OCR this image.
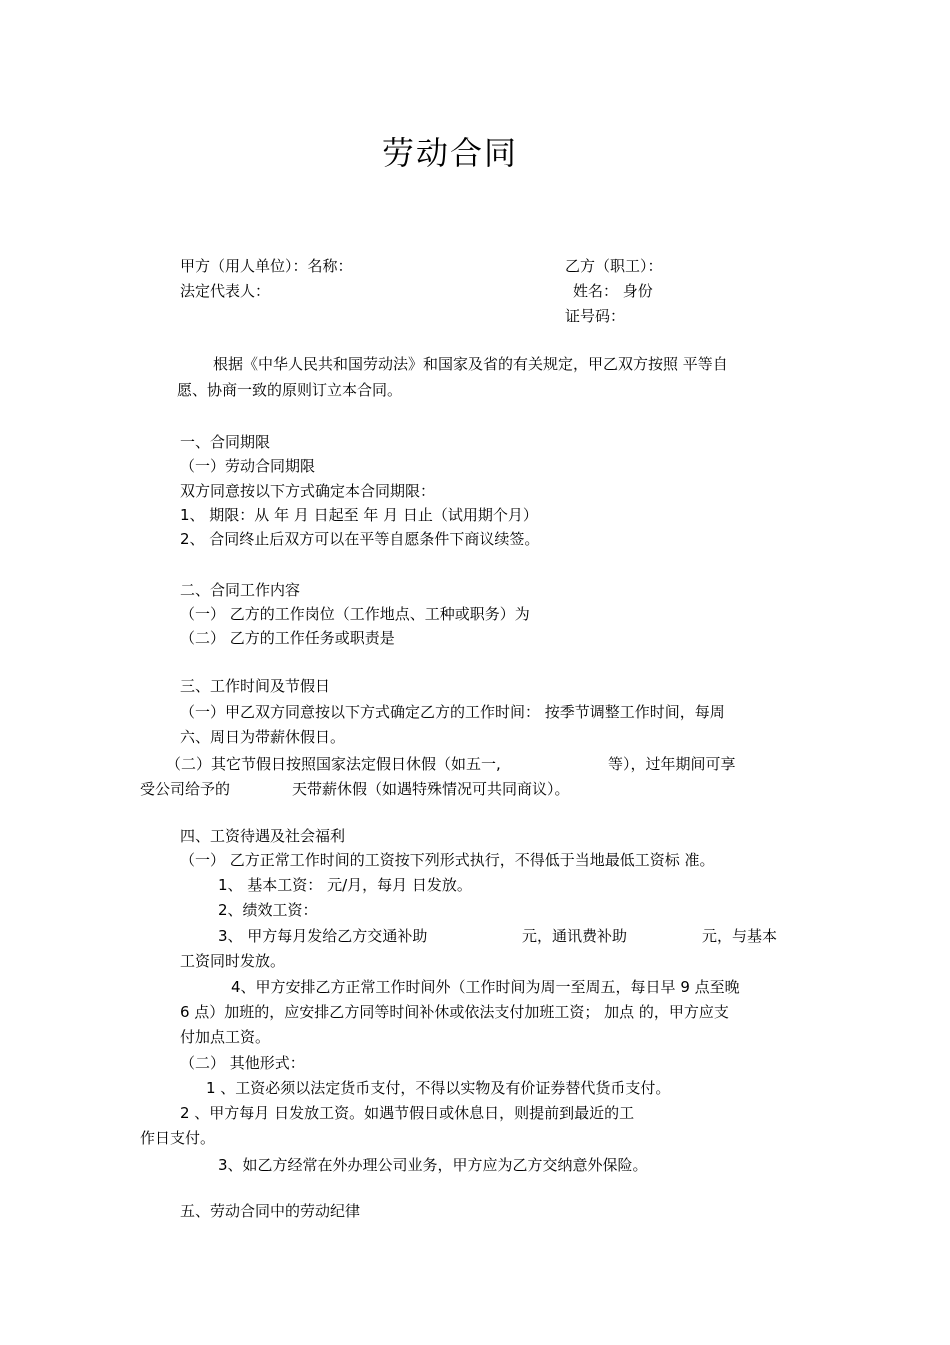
劳动合同
甲方（用人单位）：名称：	乙方（职工）：
法定代表人：	姓名： 身份
证号码：
根据《中华人民共和国劳动法》和国家及省的有关规定，甲乙双方按照 平等自
愿、协商一致的原则订立本合同。
一、合同期限
（一）劳动合同期限
双方同意按以下方式确定本合同期限：
1、 期限：从 年 月 日起至 年 月 日止（试用期个月）
2、 合同终止后双方可以在平等自愿条件下商议续签。
二、合同工作内容
（一） 乙方的工作岗位（工作地点、工种或职务）为
（二） 乙方的工作任务或职责是
三、工作时间及节假日
（一）甲乙双方同意按以下方式确定乙方的工作时间： 按季节调整工作时间，每周
六、周日为带薪休假日。
（二）其它节假日按照国家法定假日休假（如五一,	等），过年期间可享
受公司给予的	天带薪休假（如遇特殊情况可共同商议）。
四、工资待遇及社会福利
（一） 乙方正常工作时间的工资按下列形式执行，不得低于当地最低工资标 准。
1、 基本工资： 元/月，每月 日发放。
2、绩效工资：
3、 甲方每月发给乙方交通补助	元，通讯费补助	元，与基本
工资同时发放。
4、甲方安排乙方正常工作时间外（工作时间为周一至周五，每日早 9 点至晚
6 点）加班的，应安排乙方同等时间补休或依法支付加班工资； 加点 的，甲方应支
付加点工资。
（二） 其他形式：
1 、工资必须以法定货币支付，不得以实物及有价证券替代货币支付。
2 、甲方每月 日发放工资。如遇节假日或休息日，则提前到最近的工
作日支付。
3、如乙方经常在外办理公司业务，甲方应为乙方交纳意外保险。
五、劳动合同中的劳动纪律
